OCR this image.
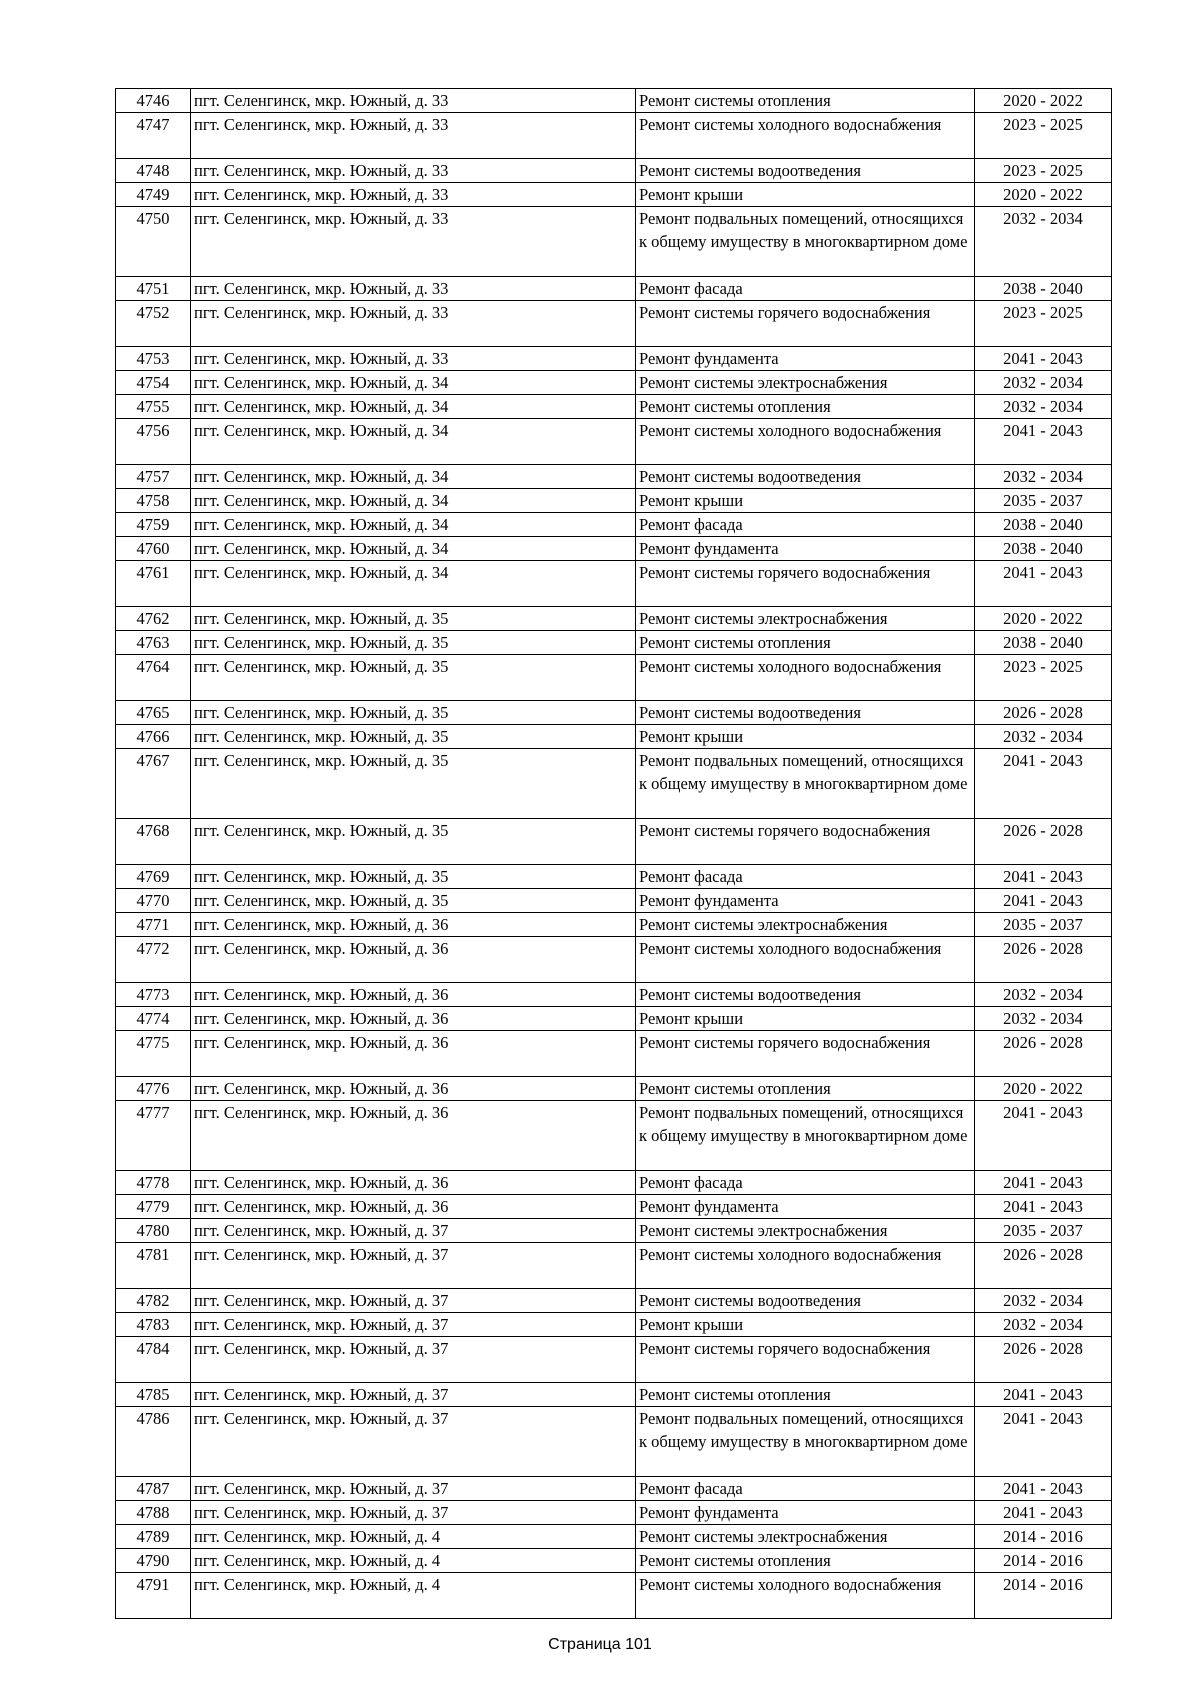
4746	пгт. Селенгинск, мкр. Южный, д. 33	Ремонт системы отопления	2020 - 2022
4747	пгт. Селенгинск, мкр. Южный, д. 33	Ремонт системы холодного водоснабжения	2023 - 2025
4748	пгт. Селенгинск, мкр. Южный, д. 33	Ремонт системы водоотведения	2023 - 2025
4749	пгт. Селенгинск, мкр. Южный, д. 33	Ремонт крыши	2020 - 2022
4750	пгт. Селенгинск, мкр. Южный, д. 33	Ремонт подвальных помещений, относящихся к общему имуществу в многоквартирном доме	2032 - 2034
4751	пгт. Селенгинск, мкр. Южный, д. 33	Ремонт фасада	2038 - 2040
4752	пгт. Селенгинск, мкр. Южный, д. 33	Ремонт системы горячего водоснабжения	2023 - 2025
4753	пгт. Селенгинск, мкр. Южный, д. 33	Ремонт фундамента	2041 - 2043
4754	пгт. Селенгинск, мкр. Южный, д. 34	Ремонт системы электроснабжения	2032 - 2034
4755	пгт. Селенгинск, мкр. Южный, д. 34	Ремонт системы отопления	2032 - 2034
4756	пгт. Селенгинск, мкр. Южный, д. 34	Ремонт системы холодного водоснабжения	2041 - 2043
4757	пгт. Селенгинск, мкр. Южный, д. 34	Ремонт системы водоотведения	2032 - 2034
4758	пгт. Селенгинск, мкр. Южный, д. 34	Ремонт крыши	2035 - 2037
4759	пгт. Селенгинск, мкр. Южный, д. 34	Ремонт фасада	2038 - 2040
4760	пгт. Селенгинск, мкр. Южный, д. 34	Ремонт фундамента	2038 - 2040
4761	пгт. Селенгинск, мкр. Южный, д. 34	Ремонт системы горячего водоснабжения	2041 - 2043
4762	пгт. Селенгинск, мкр. Южный, д. 35	Ремонт системы электроснабжения	2020 - 2022
4763	пгт. Селенгинск, мкр. Южный, д. 35	Ремонт системы отопления	2038 - 2040
4764	пгт. Селенгинск, мкр. Южный, д. 35	Ремонт системы холодного водоснабжения	2023 - 2025
4765	пгт. Селенгинск, мкр. Южный, д. 35	Ремонт системы водоотведения	2026 - 2028
4766	пгт. Селенгинск, мкр. Южный, д. 35	Ремонт крыши	2032 - 2034
4767	пгт. Селенгинск, мкр. Южный, д. 35	Ремонт подвальных помещений, относящихся к общему имуществу в многоквартирном доме	2041 - 2043
4768	пгт. Селенгинск, мкр. Южный, д. 35	Ремонт системы горячего водоснабжения	2026 - 2028
4769	пгт. Селенгинск, мкр. Южный, д. 35	Ремонт фасада	2041 - 2043
4770	пгт. Селенгинск, мкр. Южный, д. 35	Ремонт фундамента	2041 - 2043
4771	пгт. Селенгинск, мкр. Южный, д. 36	Ремонт системы электроснабжения	2035 - 2037
4772	пгт. Селенгинск, мкр. Южный, д. 36	Ремонт системы холодного водоснабжения	2026 - 2028
4773	пгт. Селенгинск, мкр. Южный, д. 36	Ремонт системы водоотведения	2032 - 2034
4774	пгт. Селенгинск, мкр. Южный, д. 36	Ремонт крыши	2032 - 2034
4775	пгт. Селенгинск, мкр. Южный, д. 36	Ремонт системы горячего водоснабжения	2026 - 2028
4776	пгт. Селенгинск, мкр. Южный, д. 36	Ремонт системы отопления	2020 - 2022
4777	пгт. Селенгинск, мкр. Южный, д. 36	Ремонт подвальных помещений, относящихся к общему имуществу в многоквартирном доме	2041 - 2043
4778	пгт. Селенгинск, мкр. Южный, д. 36	Ремонт фасада	2041 - 2043
4779	пгт. Селенгинск, мкр. Южный, д. 36	Ремонт фундамента	2041 - 2043
4780	пгт. Селенгинск, мкр. Южный, д. 37	Ремонт системы электроснабжения	2035 - 2037
4781	пгт. Селенгинск, мкр. Южный, д. 37	Ремонт системы холодного водоснабжения	2026 - 2028
4782	пгт. Селенгинск, мкр. Южный, д. 37	Ремонт системы водоотведения	2032 - 2034
4783	пгт. Селенгинск, мкр. Южный, д. 37	Ремонт крыши	2032 - 2034
4784	пгт. Селенгинск, мкр. Южный, д. 37	Ремонт системы горячего водоснабжения	2026 - 2028
4785	пгт. Селенгинск, мкр. Южный, д. 37	Ремонт системы отопления	2041 - 2043
4786	пгт. Селенгинск, мкр. Южный, д. 37	Ремонт подвальных помещений, относящихся к общему имуществу в многоквартирном доме	2041 - 2043
4787	пгт. Селенгинск, мкр. Южный, д. 37	Ремонт фасада	2041 - 2043
4788	пгт. Селенгинск, мкр. Южный, д. 37	Ремонт фундамента	2041 - 2043
4789	пгт. Селенгинск, мкр. Южный, д. 4	Ремонт системы электроснабжения	2014 - 2016
4790	пгт. Селенгинск, мкр. Южный, д. 4	Ремонт системы отопления	2014 - 2016
4791	пгт. Селенгинск, мкр. Южный, д. 4	Ремонт системы холодного водоснабжения	2014 - 2016
Страница 101
